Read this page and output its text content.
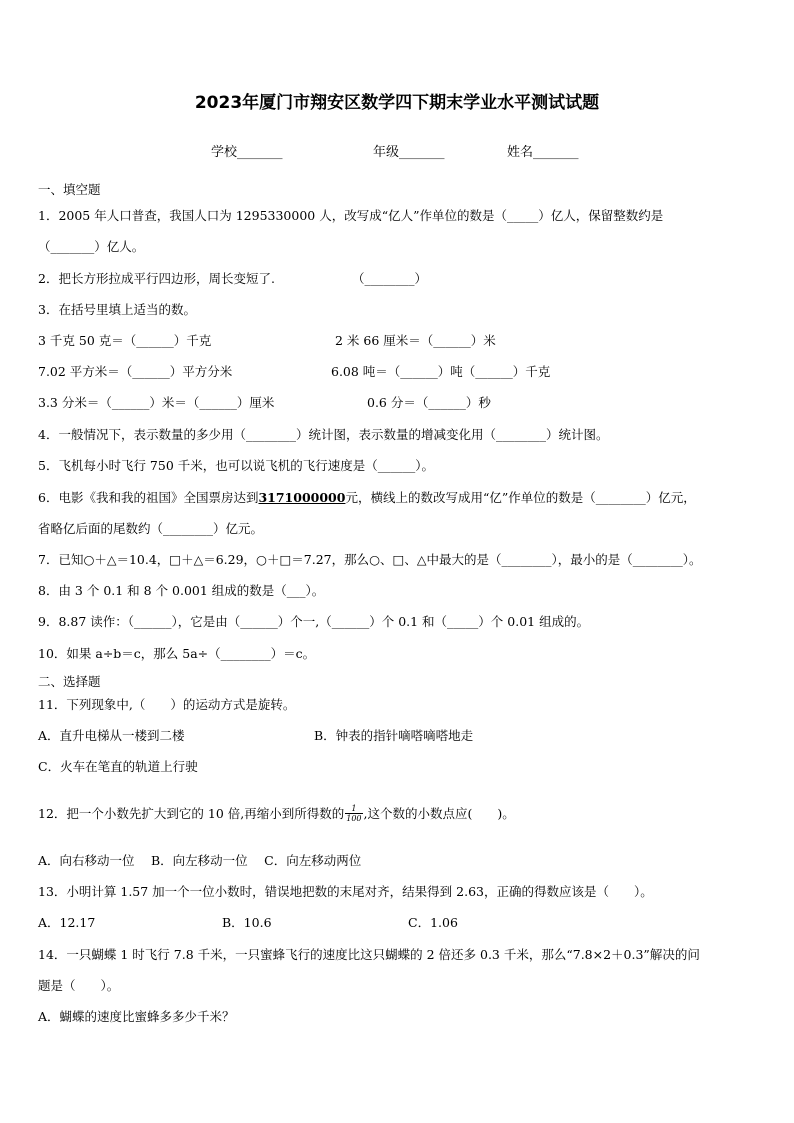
2023年厦门市翔安区数学四下期末学业水平测试试题
学校_______	年级_______	姓名_______
一、填空题
1．2005 年人口普查，我国人口为 1295330000 人，改写成“亿人”作单位的数是（_____）亿人，保留整数约是
（_______）亿人。
2．把长方形拉成平行四边形，周长变短了.	（________）
3．在括号里填上适当的数。
3 千克 50 克＝（______）千克	2 米 66 厘米＝（______）米
7.02 平方米＝（______）平方分米	6.08 吨＝（______）吨（______）千克
3.3 分米＝（______）米＝（______）厘米	0.6 分＝（______）秒
4．一般情况下，表示数量的多少用（________）统计图，表示数量的增减变化用（________）统计图。
5．飞机每小时飞行 750 千米，也可以说飞机的飞行速度是（______）。
6．电影《我和我的祖国》全国票房达到3171000000元，横线上的数改写成用“亿”作单位的数是（________）亿元，
省略亿后面的尾数约（________）亿元。
7．已知○＋△＝10.4，□＋△＝6.29，○＋□＝7.27，那么○、□、△中最大的是（________），最小的是（________）。
8．由 3 个 0.1 和 8 个 0.001 组成的数是（___）。
9．8.87 读作：（______），它是由（______）个一,（______）个 0.1 和（_____）个 0.01 组成的。
10．如果 a÷b＝c，那么 5a÷（________）＝c。
二、选择题
11．下列现象中,（　　）的运动方式是旋转。
A．直升电梯从一楼到二楼	B．钟表的指针嘀嗒嘀嗒地走
C．火车在笔直的轨道上行驶
12．把一个小数先扩大到它的 10 倍,再缩小到所得数的 $\frac{1}{100}$ ,这个数的小数点应(　　)。
A．向右移动一位　 B．向左移动一位　 C．向左移动两位
13．小明计算 1.57 加一个一位小数时，错误地把数的末尾对齐，结果得到 2.63，正确的得数应该是（　　）。
A．12.17	B．10.6	C．1.06
14．一只蝴蝶 1 时飞行 7.8 千米，一只蜜蜂飞行的速度比这只蝴蝶的 2 倍还多 0.3 千米，那么“7.8×2＋0.3”解决的问
题是（　　）。
A．蝴蝶的速度比蜜蜂多多少千米？
